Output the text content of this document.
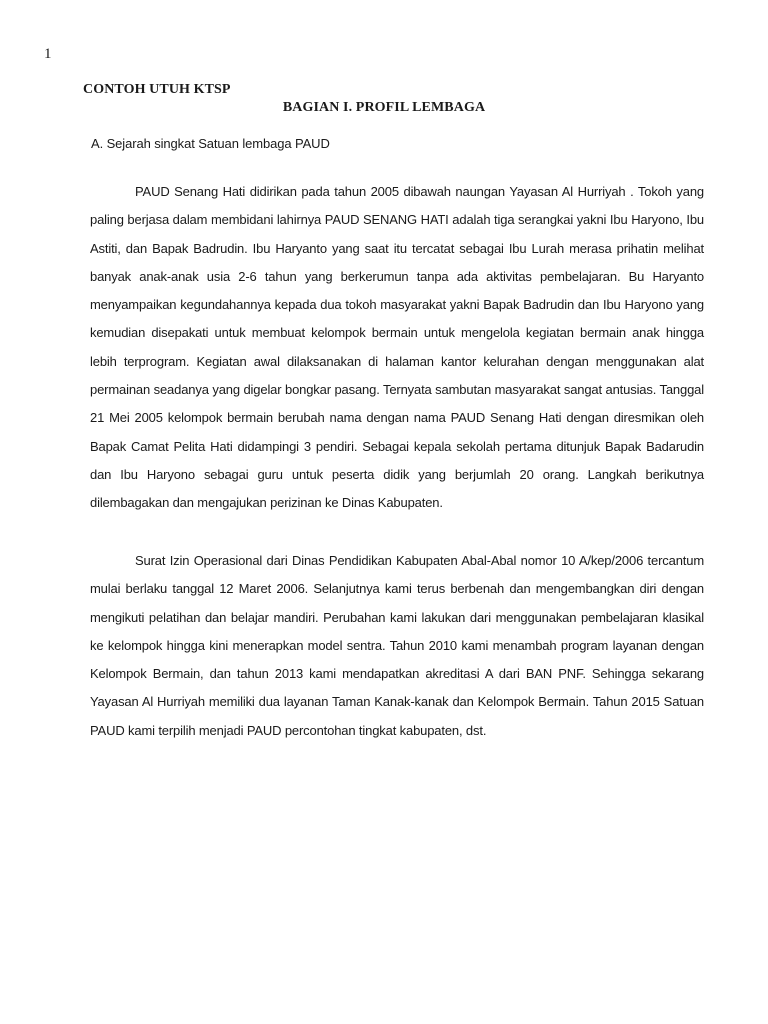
1
CONTOH UTUH KTSP
BAGIAN I. PROFIL LEMBAGA
A. Sejarah singkat Satuan lembaga PAUD

PAUD Senang Hati didirikan pada tahun 2005 dibawah naungan Yayasan Al Hurriyah . Tokoh yang paling berjasa dalam membidani lahirnya PAUD SENANG HATI adalah tiga serangkai yakni Ibu Haryono, Ibu Astiti, dan Bapak Badrudin. Ibu Haryanto yang saat itu tercatat sebagai Ibu Lurah merasa prihatin melihat banyak anak-anak usia 2-6 tahun yang berkerumun tanpa ada aktivitas pembelajaran. Bu Haryanto menyampaikan kegundahannya kepada dua tokoh masyarakat yakni Bapak Badrudin dan Ibu Haryono yang kemudian disepakati untuk membuat kelompok bermain untuk mengelola kegiatan bermain anak hingga lebih terprogram. Kegiatan awal dilaksanakan di halaman kantor kelurahan dengan menggunakan alat permainan seadanya yang digelar bongkar pasang. Ternyata sambutan masyarakat sangat antusias. Tanggal 21 Mei 2005 kelompok bermain berubah nama dengan nama PAUD Senang Hati dengan diresmikan oleh Bapak Camat Pelita Hati didampingi 3 pendiri. Sebagai kepala sekolah pertama ditunjuk Bapak Badarudin dan Ibu Haryono sebagai guru untuk peserta didik yang berjumlah 20 orang. Langkah berikutnya dilembagakan dan mengajukan perizinan ke Dinas Kabupaten.

Surat Izin Operasional dari Dinas Pendidikan Kabupaten Abal-Abal nomor 10 A/kep/2006 tercantum mulai berlaku tanggal 12 Maret 2006. Selanjutnya kami terus berbenah dan mengembangkan diri dengan mengikuti pelatihan dan belajar mandiri. Perubahan kami lakukan dari menggunakan pembelajaran klasikal ke kelompok hingga kini menerapkan model sentra. Tahun 2010 kami menambah program layanan dengan Kelompok Bermain, dan tahun 2013 kami mendapatkan akreditasi A dari BAN PNF. Sehingga sekarang Yayasan Al Hurriyah memiliki dua layanan Taman Kanak-kanak dan Kelompok Bermain. Tahun 2015 Satuan PAUD kami terpilih menjadi PAUD percontohan tingkat kabupaten, dst.
